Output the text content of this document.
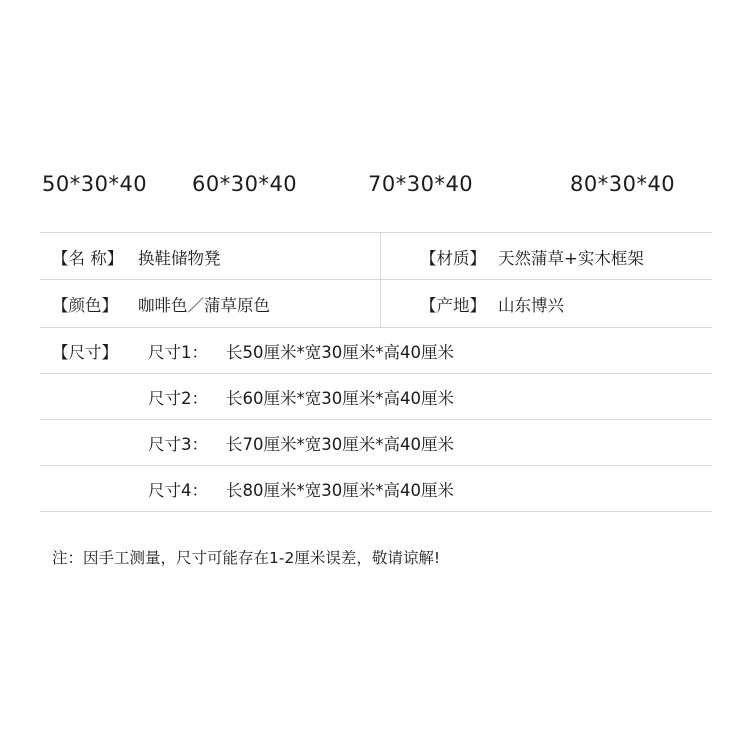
50*30*40 60*30*40	70*30*40	80*30*40
【名 称】 换鞋储物凳	【材质】 天然蒲草+实木框架
【颜色】	咖啡色／蒲草原色	【产地】 山东博兴
【尺寸】 尺寸1： 长50厘米*宽30厘米*高40厘米
尺寸2： 长60厘米*宽30厘米*高40厘米
尺寸3： 长70厘米*宽30厘米*高40厘米
尺寸4： 长80厘米*宽30厘米*高40厘米
注：因手工测量，尺寸可能存在1-2厘米误差，敬请谅解!
